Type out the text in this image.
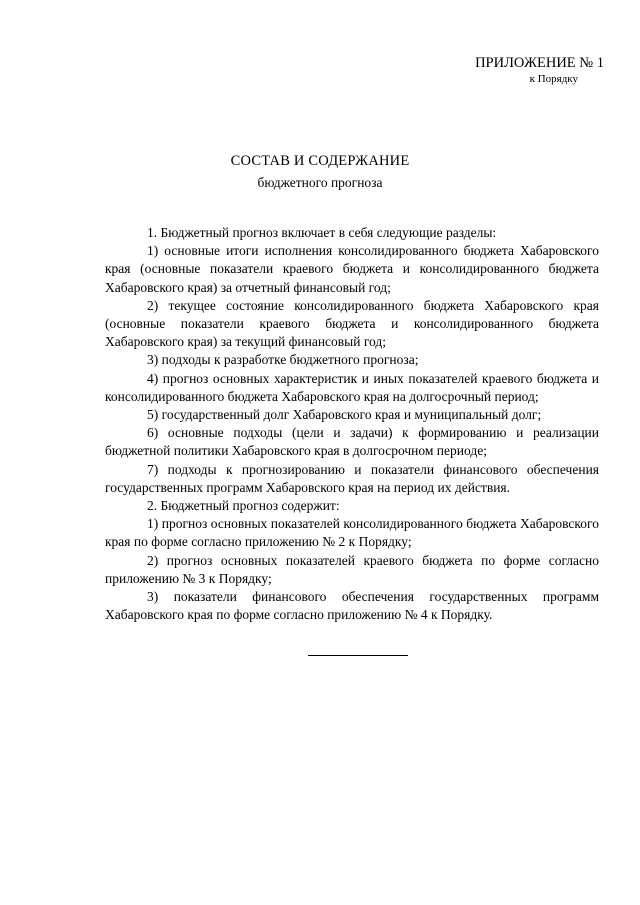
ПРИЛОЖЕНИЕ № 1
к Порядку
СОСТАВ И СОДЕРЖАНИЕ
бюджетного прогноза

1. Бюджетный прогноз включает в себя следующие разделы:

1) основные итоги исполнения консолидированного бюджета Хабаровского края (основные показатели краевого бюджета и консолидированного бюджета Хабаровского края) за отчетный финансовый год;

2) текущее состояние консолидированного бюджета Хабаровского края (основные показатели краевого бюджета и консолидированного бюджета Хабаровского края) за текущий финансовый год;

3) подходы к разработке бюджетного прогноза;

4) прогноз основных характеристик и иных показателей краевого бюджета и консолидированного бюджета Хабаровского края на долгосрочный период;

5) государственный долг Хабаровского края и муниципальный долг;

6) основные подходы (цели и задачи) к формированию и реализации бюджетной политики Хабаровского края в долгосрочном периоде;

7) подходы к прогнозированию и показатели финансового обеспечения государственных программ Хабаровского края на период их действия.

2. Бюджетный прогноз содержит:

1) прогноз основных показателей консолидированного бюджета Хабаровского края по форме согласно приложению № 2 к Порядку;

2) прогноз основных показателей краевого бюджета по форме согласно приложению № 3 к Порядку;

3) показатели финансового обеспечения государственных программ Хабаровского края по форме согласно приложению № 4 к Порядку.
